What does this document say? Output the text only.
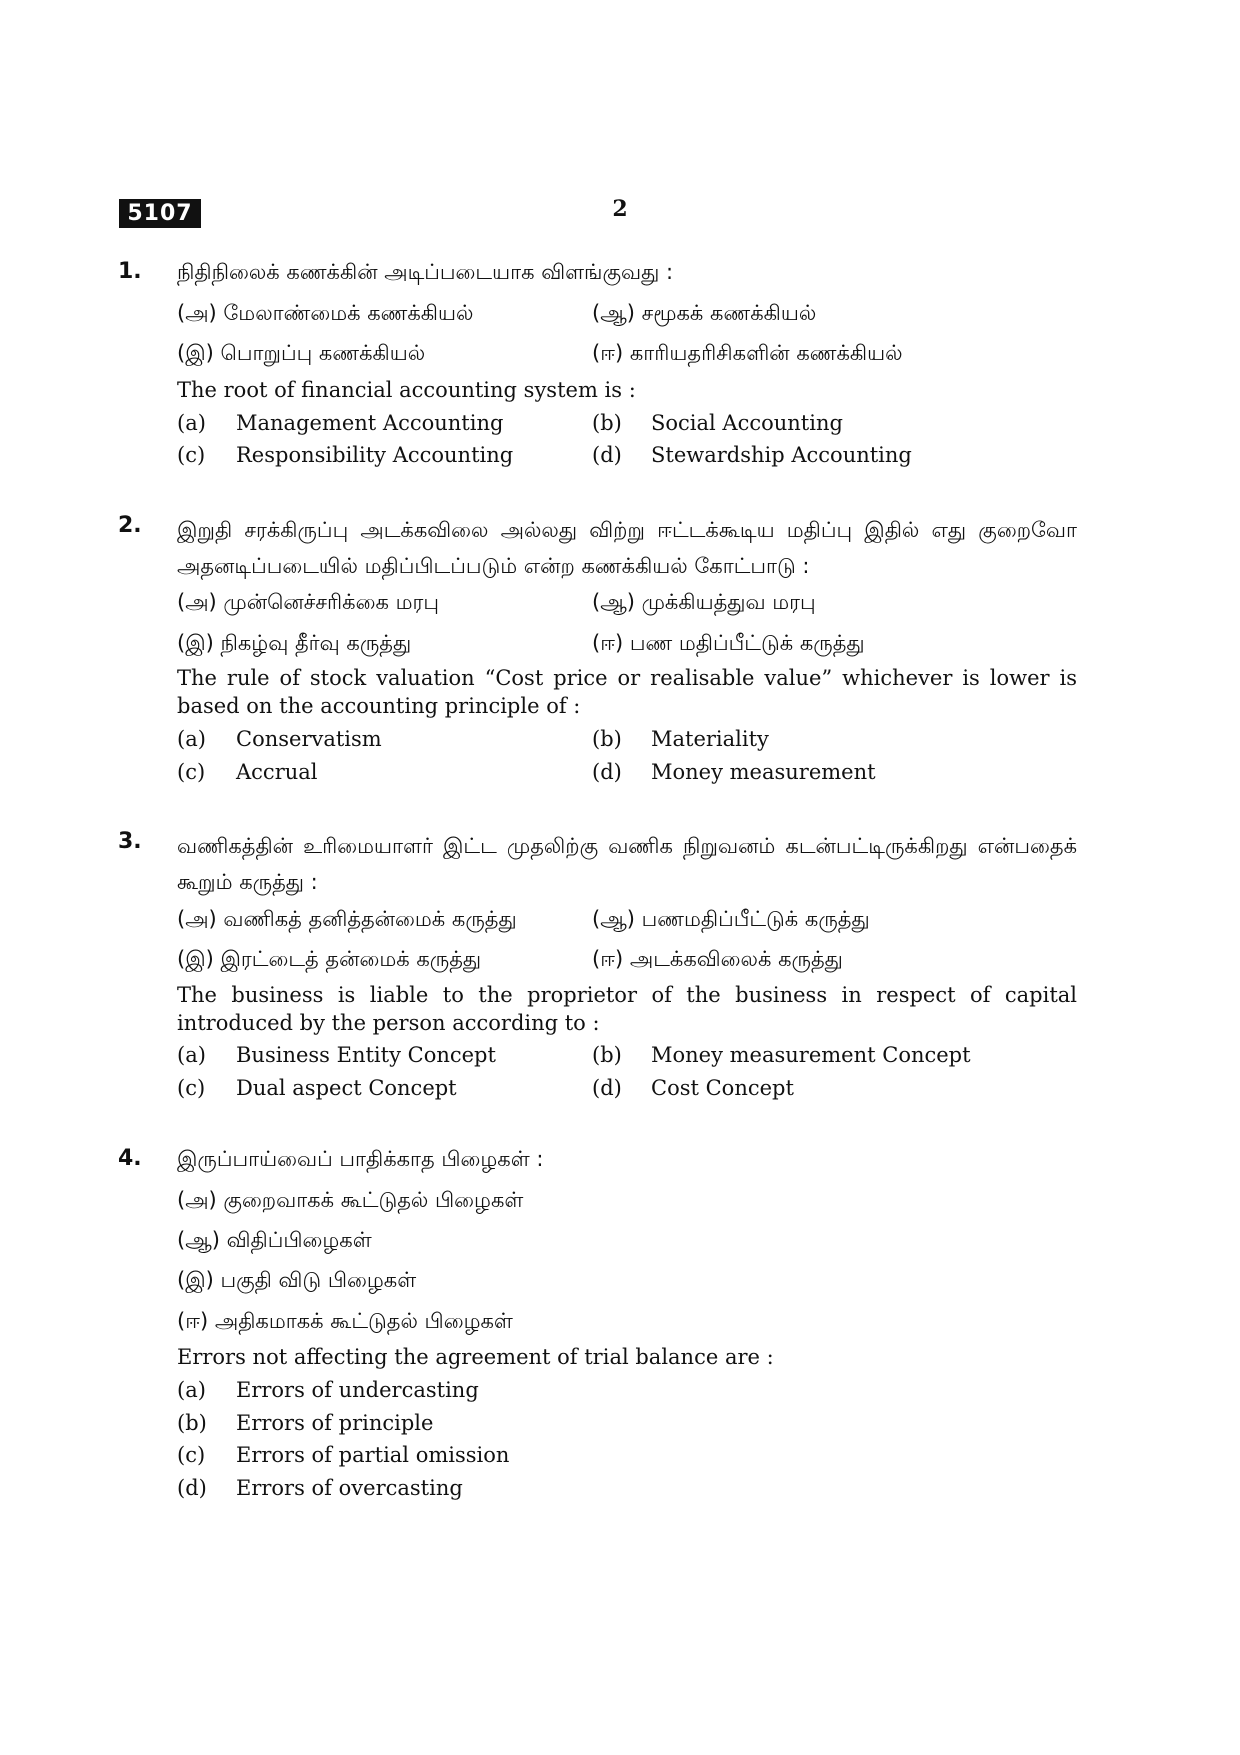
5107	2
1. நிதிநிலைக் கணக்கின் அடிப்படையாக விளங்குவது :
(அ) மேலாண்மைக் கணக்கியல்	(ஆ) சமூகக் கணக்கியல்
(இ) பொறுப்பு கணக்கியல்	(ஈ) காரியதரிசிகளின் கணக்கியல்
The root of financial accounting system is :
(a) Management Accounting	(b) Social Accounting
(c) Responsibility Accounting	(d) Stewardship Accounting
2. இறுதி சரக்கிருப்பு அடக்கவிலை அல்லது விற்று ஈட்டக்கூடிய மதிப்பு இதில் எது குறைவோ அதனடிப்படையில் மதிப்பிடப்படும் என்ற கணக்கியல் கோட்பாடு :
(அ) முன்னெச்சரிக்கை மரபு	(ஆ) முக்கியத்துவ மரபு
(இ) நிகழ்வு தீர்வு கருத்து	(ஈ) பண மதிப்பீட்டுக் கருத்து
The rule of stock valuation “Cost price or realisable value” whichever is lower is based on the accounting principle of :
(a) Conservatism	(b) Materiality
(c) Accrual	(d) Money measurement
3. வணிகத்தின் உரிமையாளர் இட்ட முதலிற்கு வணிக நிறுவனம் கடன்பட்டிருக்கிறது என்பதைக் கூறும் கருத்து :
(அ) வணிகத் தனித்தன்மைக் கருத்து	(ஆ) பணமதிப்பீட்டுக் கருத்து
(இ) இரட்டைத் தன்மைக் கருத்து	(ஈ) அடக்கவிலைக் கருத்து
The business is liable to the proprietor of the business in respect of capital introduced by the person according to :
(a) Business Entity Concept	(b) Money measurement Concept
(c) Dual aspect Concept	(d) Cost Concept
4. இருப்பாய்வைப் பாதிக்காத பிழைகள் :
(அ) குறைவாகக் கூட்டுதல் பிழைகள்
(ஆ) விதிப்பிழைகள்
(இ) பகுதி விடு பிழைகள்
(ஈ) அதிகமாகக் கூட்டுதல் பிழைகள்
Errors not affecting the agreement of trial balance are :
(a) Errors of undercasting
(b) Errors of principle
(c) Errors of partial omission
(d) Errors of overcasting
